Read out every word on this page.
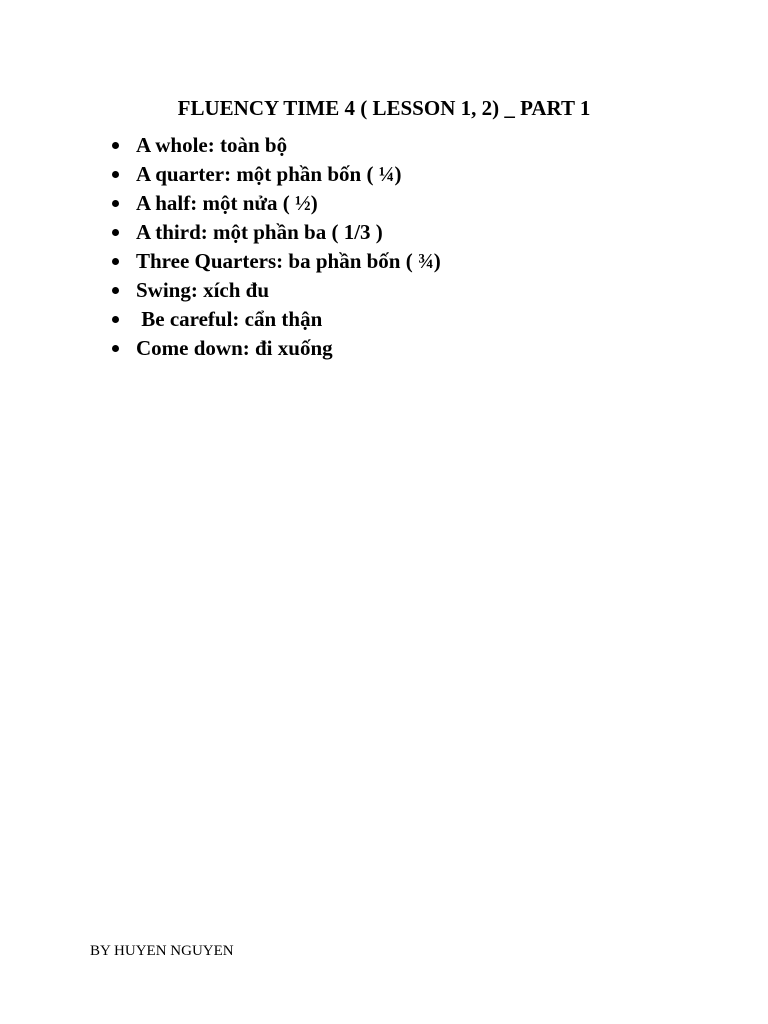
FLUENCY TIME 4 ( LESSON 1, 2) _ PART 1
A whole: toàn bộ
A quarter: một phần bốn ( ¼)
A half: một nửa ( ½)
A third: một phần ba ( 1/3 )
Three Quarters: ba phần bốn ( ¾)
Swing: xích đu
Be careful: cẩn thận
Come down: đi xuống
BY HUYEN NGUYEN
